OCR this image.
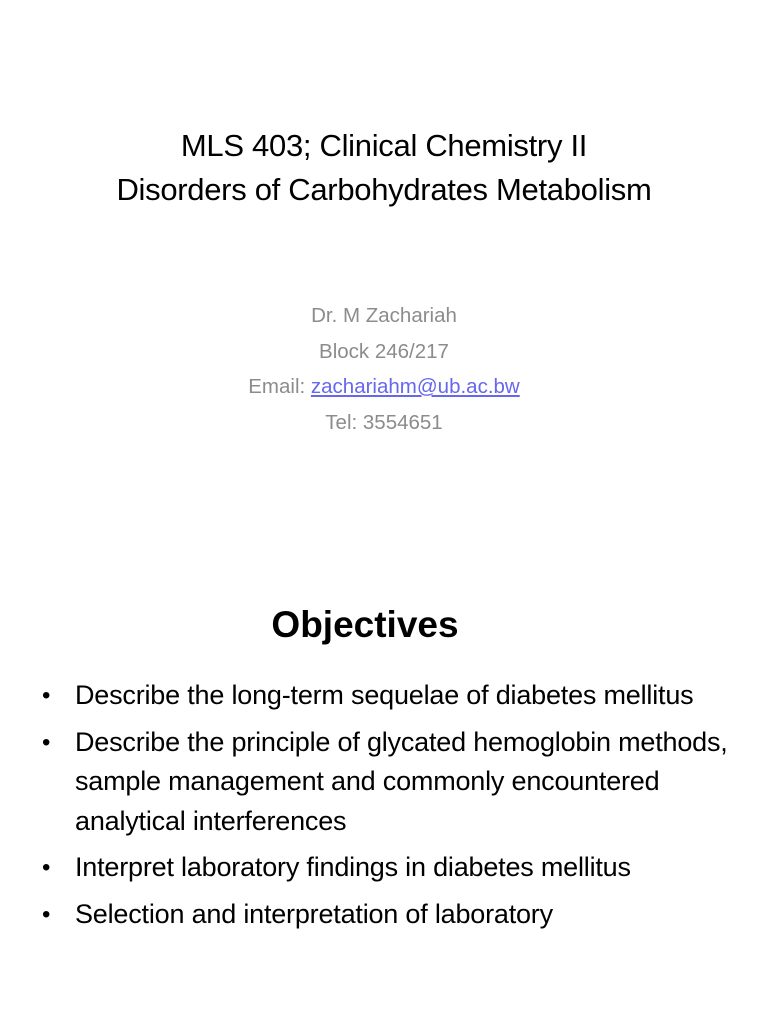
MLS 403; Clinical Chemistry II
Disorders of Carbohydrates Metabolism
Dr. M Zachariah
Block 246/217
Email: zachariahm@ub.ac.bw
Tel: 3554651
Objectives
• Describe the long-term sequelae of diabetes mellitus
• Describe the principle of glycated hemoglobin methods, sample management and commonly encountered analytical interferences
• Interpret laboratory findings in diabetes mellitus
• Selection and interpretation of laboratory
